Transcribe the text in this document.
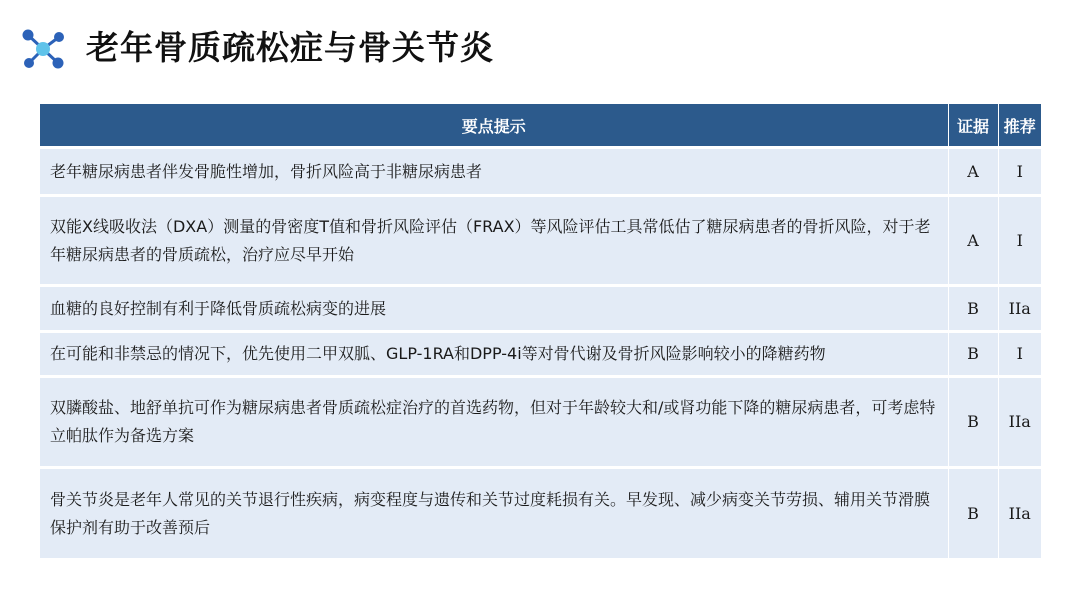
老年骨质疏松症与骨关节炎
要点提示	证据	推荐
老年糖尿病患者伴发骨脆性增加，骨折风险高于非糖尿病患者	A	I
双能X线吸收法（DXA）测量的骨密度T值和骨折风险评估（FRAX）等风险评估工具常低估了糖尿病患者的骨折风险，对于老年糖尿病患者的骨质疏松，治疗应尽早开始	A	I
血糖的良好控制有利于降低骨质疏松病变的进展	B	IIa
在可能和非禁忌的情况下，优先使用二甲双胍、GLP-1RA和DPP-4i等对骨代谢及骨折风险影响较小的降糖药物	B	I
双膦酸盐、地舒单抗可作为糖尿病患者骨质疏松症治疗的首选药物，但对于年龄较大和/或肾功能下降的糖尿病患者，可考虑特立帕肽作为备选方案	B	IIa
骨关节炎是老年人常见的关节退行性疾病，病变程度与遗传和关节过度耗损有关。早发现、减少病变关节劳损、辅用关节滑膜保护剂有助于改善预后	B	IIa
